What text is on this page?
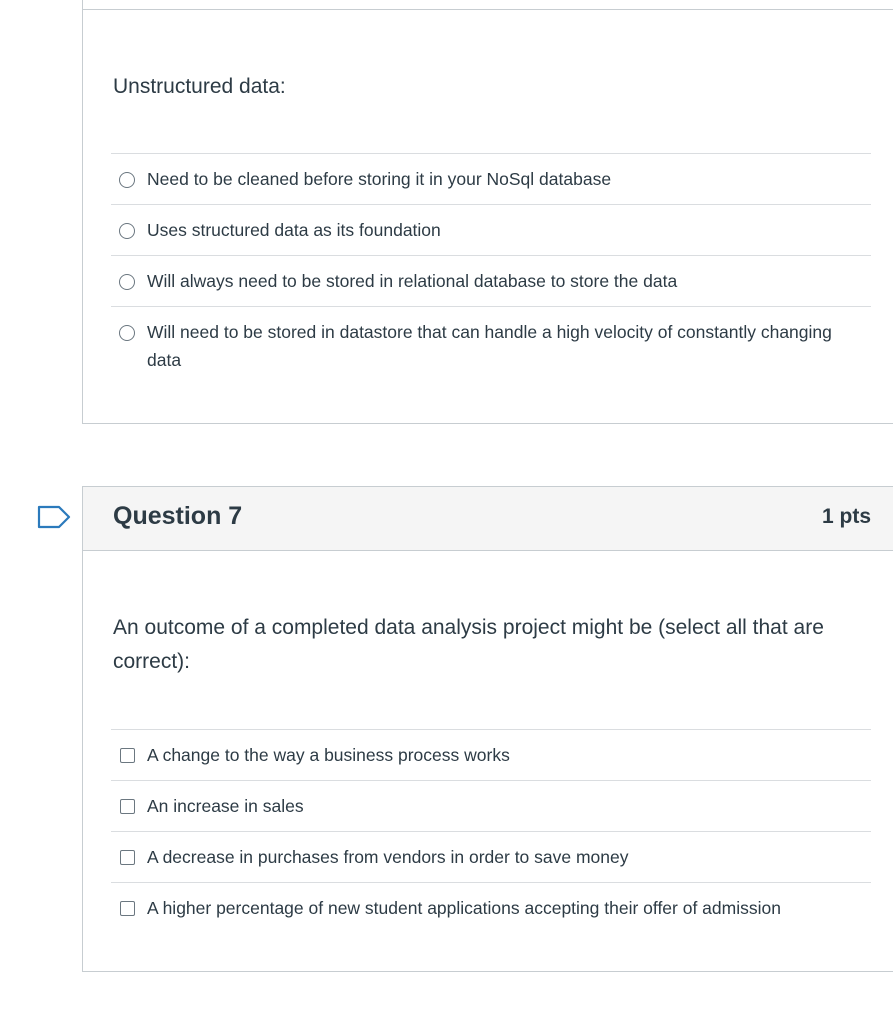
Unstructured data:
Need to be cleaned before storing it in your NoSql database
Uses structured data as its foundation
Will always need to be stored in relational database to store the data
Will need to be stored in datastore that can handle a high velocity of constantly changing data
Question 7	1 pts
An outcome of a completed data analysis project might be (select all that are correct):
A change to the way a business process works
An increase in sales
A decrease in purchases from vendors in order to save money
A higher percentage of new student applications accepting their offer of admission
